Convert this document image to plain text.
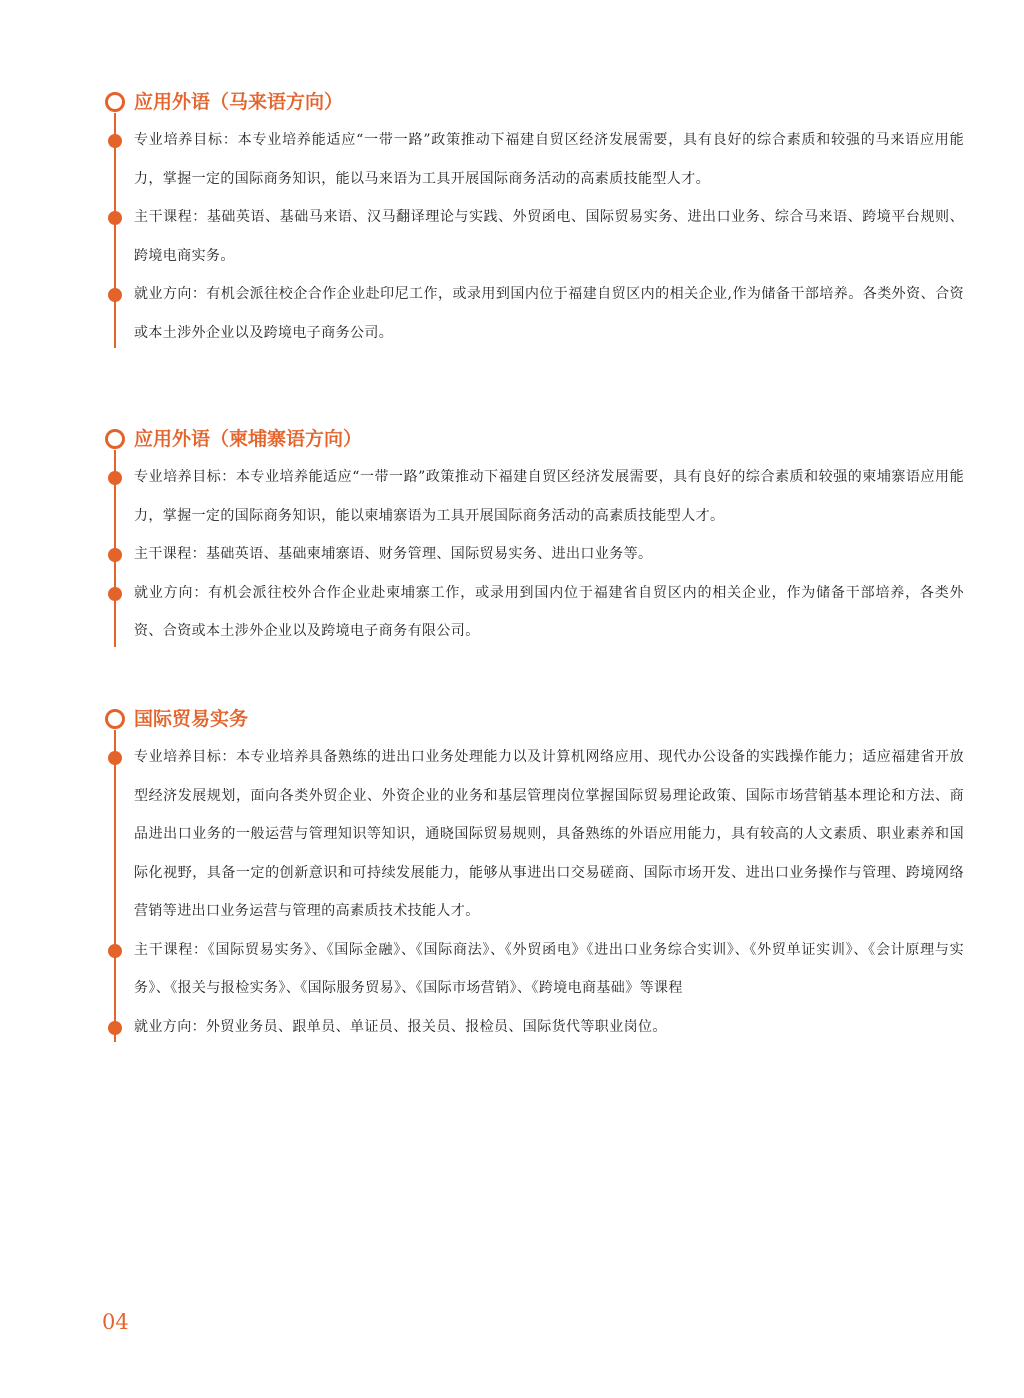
应用外语（马来语方向）
专业培养目标：本专业培养能适应“一带一路”政策推动下福建自贸区经济发展需要，具有良好的综合素质和较强的马来语应用能力，掌握一定的国际商务知识，能以马来语为工具开展国际商务活动的高素质技能型人才。
主干课程：基础英语、基础马来语、汉马翻译理论与实践、外贸函电、国际贸易实务、进出口业务、综合马来语、跨境平台规则、跨境电商实务。
就业方向：有机会派往校企合作企业赴印尼工作，或录用到国内位于福建自贸区内的相关企业,作为储备干部培养。各类外资、合资或本土涉外企业以及跨境电子商务公司。
应用外语（柬埔寨语方向）
专业培养目标：本专业培养能适应“一带一路”政策推动下福建自贸区经济发展需要，具有良好的综合素质和较强的柬埔寨语应用能力，掌握一定的国际商务知识，能以柬埔寨语为工具开展国际商务活动的高素质技能型人才。
主干课程：基础英语、基础柬埔寨语、财务管理、国际贸易实务、进出口业务等。
就业方向：有机会派往校外合作企业赴柬埔寨工作，或录用到国内位于福建省自贸区内的相关企业，作为储备干部培养，各类外资、合资或本土涉外企业以及跨境电子商务有限公司。
国际贸易实务
专业培养目标：本专业培养具备熟练的进出口业务处理能力以及计算机网络应用、现代办公设备的实践操作能力；适应福建省开放型经济发展规划，面向各类外贸企业、外资企业的业务和基层管理岗位掌握国际贸易理论政策、国际市场营销基本理论和方法、商品进出口业务的一般运营与管理知识等知识，通晓国际贸易规则，具备熟练的外语应用能力，具有较高的人文素质、职业素养和国际化视野，具备一定的创新意识和可持续发展能力，能够从事进出口交易磋商、国际市场开发、进出口业务操作与管理、跨境网络营销等进出口业务运营与管理的高素质技术技能人才。
主干课程：《国际贸易实务》、《国际金融》、《国际商法》、《外贸函电》《进出口业务综合实训》、《外贸单证实训》、《会计原理与实务》、《报关与报检实务》、《国际服务贸易》、《国际市场营销》、《跨境电商基础》等课程
就业方向：外贸业务员、跟单员、单证员、报关员、报检员、国际货代等职业岗位。
04
